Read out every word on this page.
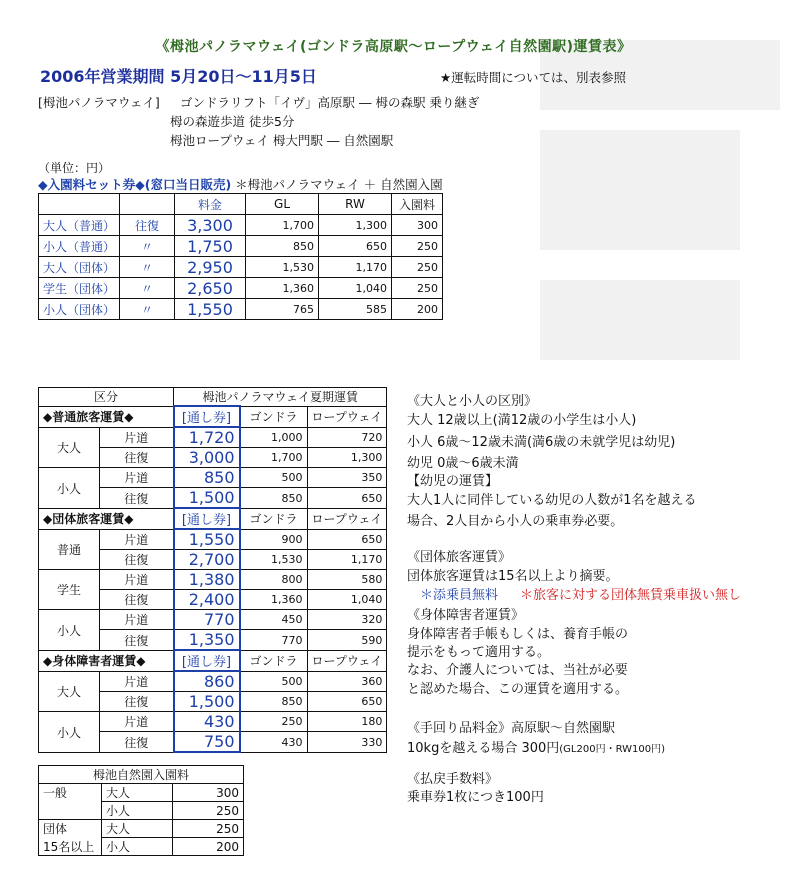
《栂池パノラマウェイ(ゴンドラ高原駅～ロープウェイ自然園駅)運賃表》
2006年営業期間 5月20日～11月5日	★運転時間については、別表参照
[栂池パノラマウェイ] ゴンドラリフト「イヴ」高原駅 ― 栂の森駅 乗り継ぎ
栂の森遊歩道 徒歩5分
栂池ロープウェイ 栂大門駅 ― 自然園駅
（単位：円）
◆入園料セット券◆(窓口当日販売) ＊栂池パノラマウェイ ＋ 自然園入園
		料金	GL	RW	入園料
大人（普通）	往復	3,300	1,700	1,300	300
小人（普通）	〃	1,750	850	650	250
大人（団体）	〃	2,950	1,530	1,170	250
学生（団体）	〃	2,650	1,360	1,040	250
小人（団体）	〃	1,550	765	585	200
区分		栂池パノラマウェイ夏期運賃		
◆普通旅客運賃◆		[通し券]	ゴンドラ	ロープウェイ
大人	片道	1,720	1,000	720
	往復	3,000	1,700	1,300
小人	片道	850	500	350
	往復	1,500	850	650
◆団体旅客運賃◆		[通し券]	ゴンドラ	ロープウェイ
普通	片道	1,550	900	650
	往復	2,700	1,530	1,170
学生	片道	1,380	800	580
	往復	2,400	1,360	1,040
小人	片道	770	450	320
	往復	1,350	770	590
◆身体障害者運賃◆		[通し券]	ゴンドラ	ロープウェイ
大人	片道	860	500	360
	往復	1,500	850	650
小人	片道	430	250	180
	往復	750	430	330
栂池自然園入園料		
一般	大人	300
	小人	250
団体	大人	250
15名以上	小人	200
《大人と小人の区別》
大人 12歳以上(満12歳の小学生は小人)
小人 6歳～12歳未満(満6歳の未就学児は幼児)
幼児 0歳～6歳未満
【幼児の運賃】
大人1人に同伴している幼児の人数が1名を越える
場合、2人目から小人の乗車券必要。
《団体旅客運賃》
団体旅客運賃は15名以上より摘要。
＊添乗員無料 ＊旅客に対する団体無賃乗車扱い無し
《身体障害者運賃》
身体障害者手帳もしくは、養育手帳の
提示をもって適用する。
なお、介護人については、当社が必要
と認めた場合、この運賃を適用する。
《手回り品料金》高原駅～自然園駅
10kgを越える場合 300円(GL200円・RW100円)
《払戻手数料》
乗車券1枚につき100円
